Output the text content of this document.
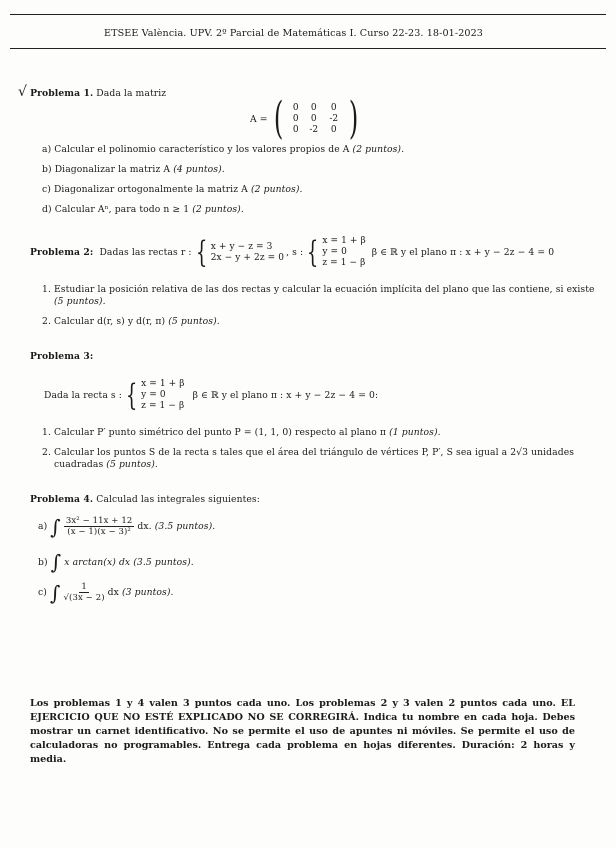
ETSEE València. UPV. 2º Parcial de Matemáticas I. Curso 22-23. 18-01-2023
√ Problema 1. Dada la matriz
A = (	0	0	0
0	0	-2
0	-2	0 )
a) Calcular el polinomio característico y los valores propios de A (2 puntos).
b) Diagonalizar la matriz A (4 puntos).
c) Diagonalizar ortogonalmente la matriz A (2 puntos).
d) Calcular Aⁿ, para todo n ≥ 1 (2 puntos).
Problema 2:
Dadas las rectas r : { x + y − z = 3
2x − y + 2z = 0 , s : { x = 1 + β
y = 0
z = 1 − β
β ∈ ℝ y el plano π : x + y − 2z − 4 = 0
1. Estudiar la posición relativa de las dos rectas y calcular la ecuación implícita del plano que las contiene, si existe
(5 puntos).
2. Calcular d(r, s) y d(r, π) (5 puntos).
Problema 3:
Dada la recta s : { x = 1 + β
y = 0
z = 1 − β
β ∈ ℝ y el plano π : x + y − 2z − 4 = 0:
1. Calcular P′ punto simétrico del punto P = (1, 1, 0) respecto al plano π (1 puntos).
2. Calcular los puntos S de la recta s tales que el área del triángulo de vértices P, P′, S sea igual a 2√3 unidades
cuadradas (5 puntos).
Problema 4. Calculad las integrales siguientes:
a)
∫
$\frac{\text{3x² − 11x + 12}}{\text{(x − 1)(x − 3)²}}$
dx.
(3.5 puntos).
b)
∫
x arctan(x) dx
(3.5 puntos).
c)
∫
$\frac{1}{√(3x - 2)}$
dx
(3 puntos).
Los problemas 1 y 4 valen 3 puntos cada uno. Los problemas 2 y 3 valen 2 puntos cada uno. EL EJERCICIO QUE NO ESTÉ EXPLICADO NO SE CORREGIRÁ. Indica tu nombre en cada hoja. Debes mostrar un carnet identificativo. No se permite el uso de apuntes ni móviles. Se permite el uso de calculadoras no programables. Entrega cada problema en hojas diferentes. Duración: 2 horas y media.
